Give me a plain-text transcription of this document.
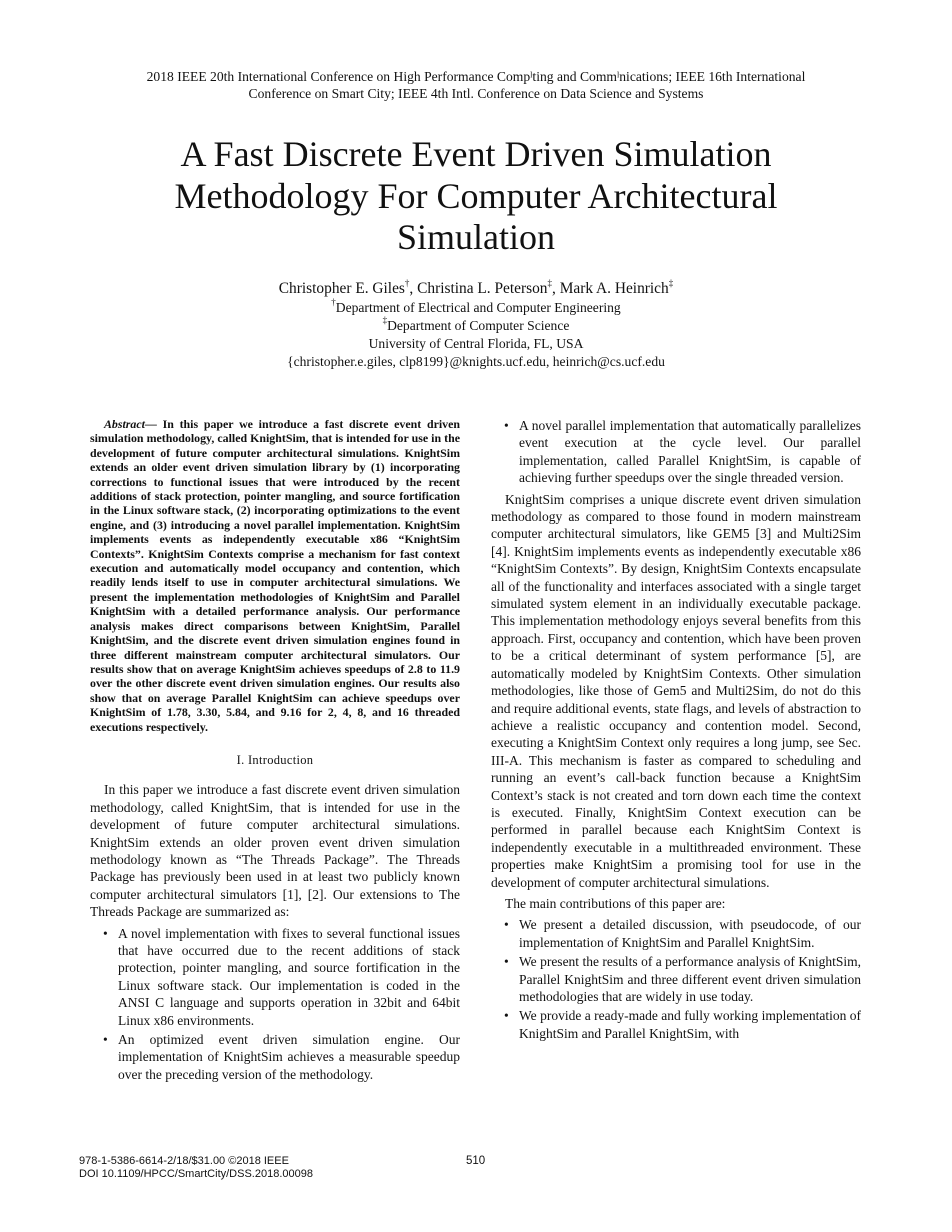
2018 IEEE 20th International Conference on High Performance Compˡting and Commˡnications; IEEE 16th International
Conference on Smart City; IEEE 4th Intl. Conference on Data Science and Systems
A Fast Discrete Event Driven Simulation
Methodology For Computer Architectural
Simulation
Christopher E. Giles†, Christina L. Peterson‡, Mark A. Heinrich‡
†Department of Electrical and Computer Engineering
‡Department of Computer Science
University of Central Florida, FL, USA
{christopher.e.giles, clp8199}@knights.ucf.edu, heinrich@cs.ucf.edu
Abstract— In this paper we introduce a fast discrete event driven simulation methodology, called KnightSim, that is intended for use in the development of future computer architectural simulations. KnightSim extends an older event driven simulation library by (1) incorporating corrections to functional issues that were introduced by the recent additions of stack protection, pointer mangling, and source fortification in the Linux software stack, (2) incorporating optimizations to the event engine, and (3) introducing a novel parallel implementation. KnightSim implements events as independently executable x86 “KnightSim Contexts”. KnightSim Contexts comprise a mechanism for fast context execution and automatically model occupancy and contention, which readily lends itself to use in computer architectural simulations. We present the implementation methodologies of KnightSim and Parallel KnightSim with a detailed performance analysis. Our performance analysis makes direct comparisons between KnightSim, Parallel KnightSim, and the discrete event driven simulation engines found in three different mainstream computer architectural simulators. Our results show that on average KnightSim achieves speedups of 2.8 to 11.9 over the other discrete event driven simulation engines. Our results also show that on average Parallel KnightSim can achieve speedups over KnightSim of 1.78, 3.30, 5.84, and 9.16 for 2, 4, 8, and 16 threaded executions respectively.
I. Introduction

In this paper we introduce a fast discrete event driven simulation methodology, called KnightSim, that is intended for use in the development of future computer architectural simulations. KnightSim extends an older proven event driven simulation methodology known as “The Threads Package”. The Threads Package has previously been used in at least two publicly known computer architectural simulators [1], [2]. Our extensions to The Threads Package are summarized as:

• A novel implementation with fixes to several functional issues that have occurred due to the recent additions of stack protection, pointer mangling, and source fortification in the Linux software stack. Our implementation is coded in the ANSI C language and supports operation in 32bit and 64bit Linux x86 environments.
• An optimized event driven simulation engine. Our implementation of KnightSim achieves a measurable speedup over the preceding version of the methodology.
• A novel parallel implementation that automatically parallelizes event execution at the cycle level. Our parallel implementation, called Parallel KnightSim, is capable of achieving further speedups over the single threaded version.

KnightSim comprises a unique discrete event driven simulation methodology as compared to those found in modern mainstream computer architectural simulators, like GEM5 [3] and Multi2Sim [4]. KnightSim implements events as independently executable x86 “KnightSim Contexts”. By design, KnightSim Contexts encapsulate all of the functionality and interfaces associated with a single target simulated system element in an individually executable package. This implementation methodology enjoys several benefits from this approach. First, occupancy and contention, which have been proven to be a critical determinant of system performance [5], are automatically modeled by KnightSim Contexts. Other simulation methodologies, like those of Gem5 and Multi2Sim, do not do this and require additional events, state flags, and levels of abstraction to achieve a realistic occupancy and contention model. Second, executing a KnightSim Context only requires a long jump, see Sec. III-A. This mechanism is faster as compared to scheduling and running an event’s call-back function because a KnightSim Context’s stack is not created and torn down each time the context is executed. Finally, KnightSim Context execution can be performed in parallel because each KnightSim Context is independently executable in a multithreaded environment. These properties make KnightSim a promising tool for use in the development of computer architectural simulations.

The main contributions of this paper are:

• We present a detailed discussion, with pseudocode, of our implementation of KnightSim and Parallel KnightSim.
• We present the results of a performance analysis of KnightSim, Parallel KnightSim and three different event driven simulation methodologies that are widely in use today.
• We provide a ready-made and fully working implementation of KnightSim and Parallel KnightSim, with
978-1-5386-6614-2/18/$31.00 ©2018 IEEE
DOI 10.1109/HPCC/SmartCity/DSS.2018.00098
510
